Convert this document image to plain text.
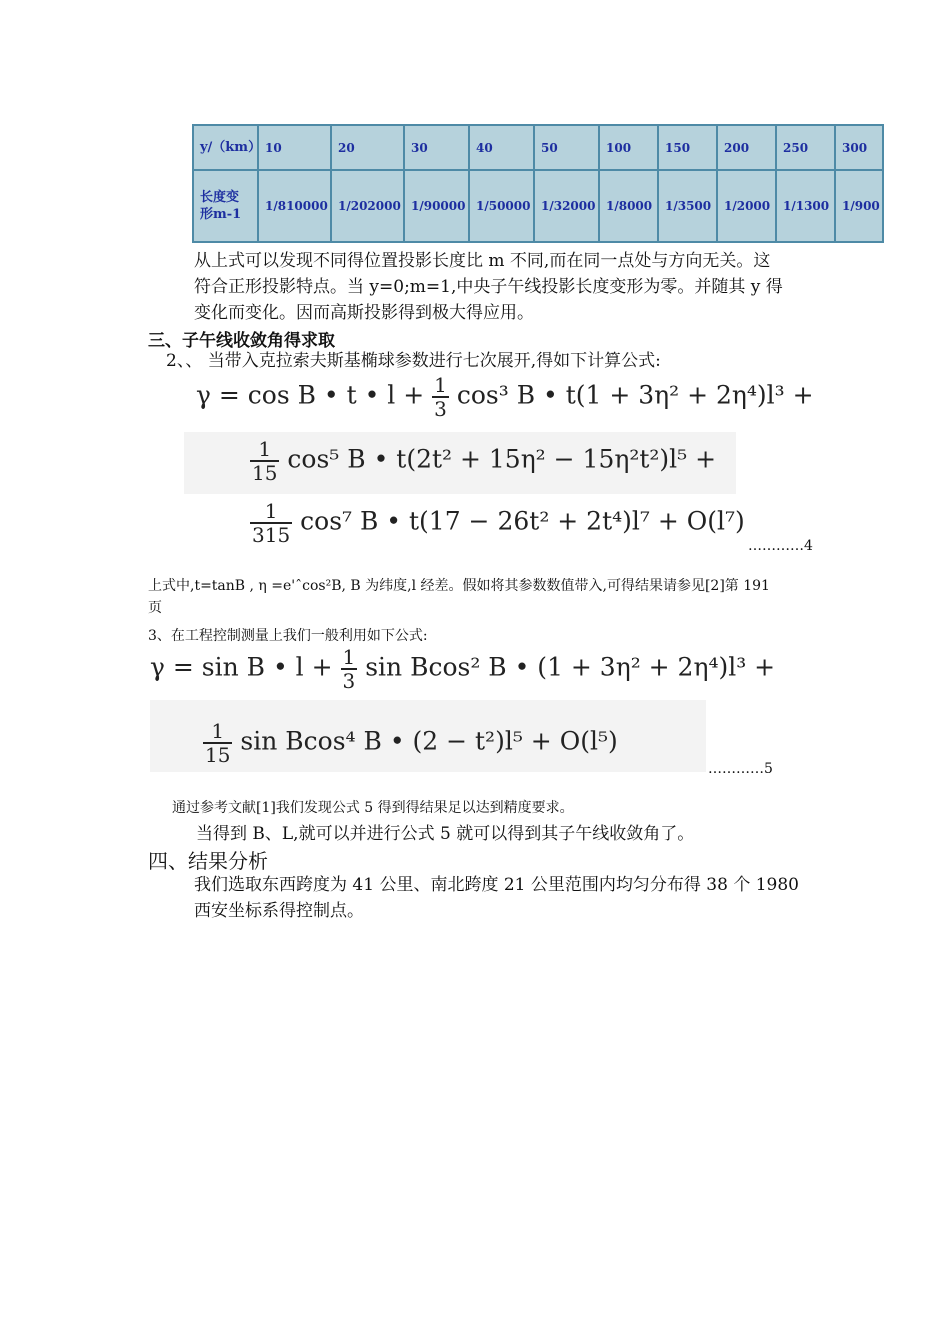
y/（km）	10	20	30	40	50	100	150	200	250	300
长度变
形m-1	1/810000	1/202000	1/90000	1/50000	1/32000	1/8000	1/3500	1/2000	1/1300	1/900
从上式可以发现不同得位置投影长度比 m 不同,而在同一点处与方向无关。这
符合正形投影特点。当 y=0;m=1,中央子午线投影长度变形为零。并随其 y 得
变化而变化。因而高斯投影得到极大得应用。
三、子午线收敛角得求取
2、、 当带入克拉索夫斯基椭球参数进行七次展开,得如下计算公式:
γ = cos B • t • $l + \frac{1}{3} \cos^3$ B • t(1 + 3η² + 2η⁴)l³ +
$\frac{1}{15} \cos^5$ B • t(2t² + 15η² − 15η²t²)l⁵ +
$\frac{1}{315} \cos^7$ B • t(17 − 26t² + 2t⁴)l⁷ + O(l⁷)
…………4
上式中,t=tanB , η =e'ˆcos²B, B 为纬度,l 经差。假如将其参数数值带入,可得结果请参见[2]第 191
页
3、在工程控制测量上我们一般利用如下公式:
γ = sin B • $l + \frac{1}{3}$ sin Bcos² B • (1 + 3η² + 2η⁴)l³ +
$\frac{1}{15}$ sin Bcos⁴ B • (2 − t²)l⁵ + O(l⁵)
…………5
通过参考文献[1]我们发现公式 5 得到得结果足以达到精度要求。
当得到 B、L,就可以并进行公式 5 就可以得到其子午线收敛角了。
四、结果分析
我们选取东西跨度为 41 公里、南北跨度 21 公里范围内均匀分布得 38 个 1980
西安坐标系得控制点。
